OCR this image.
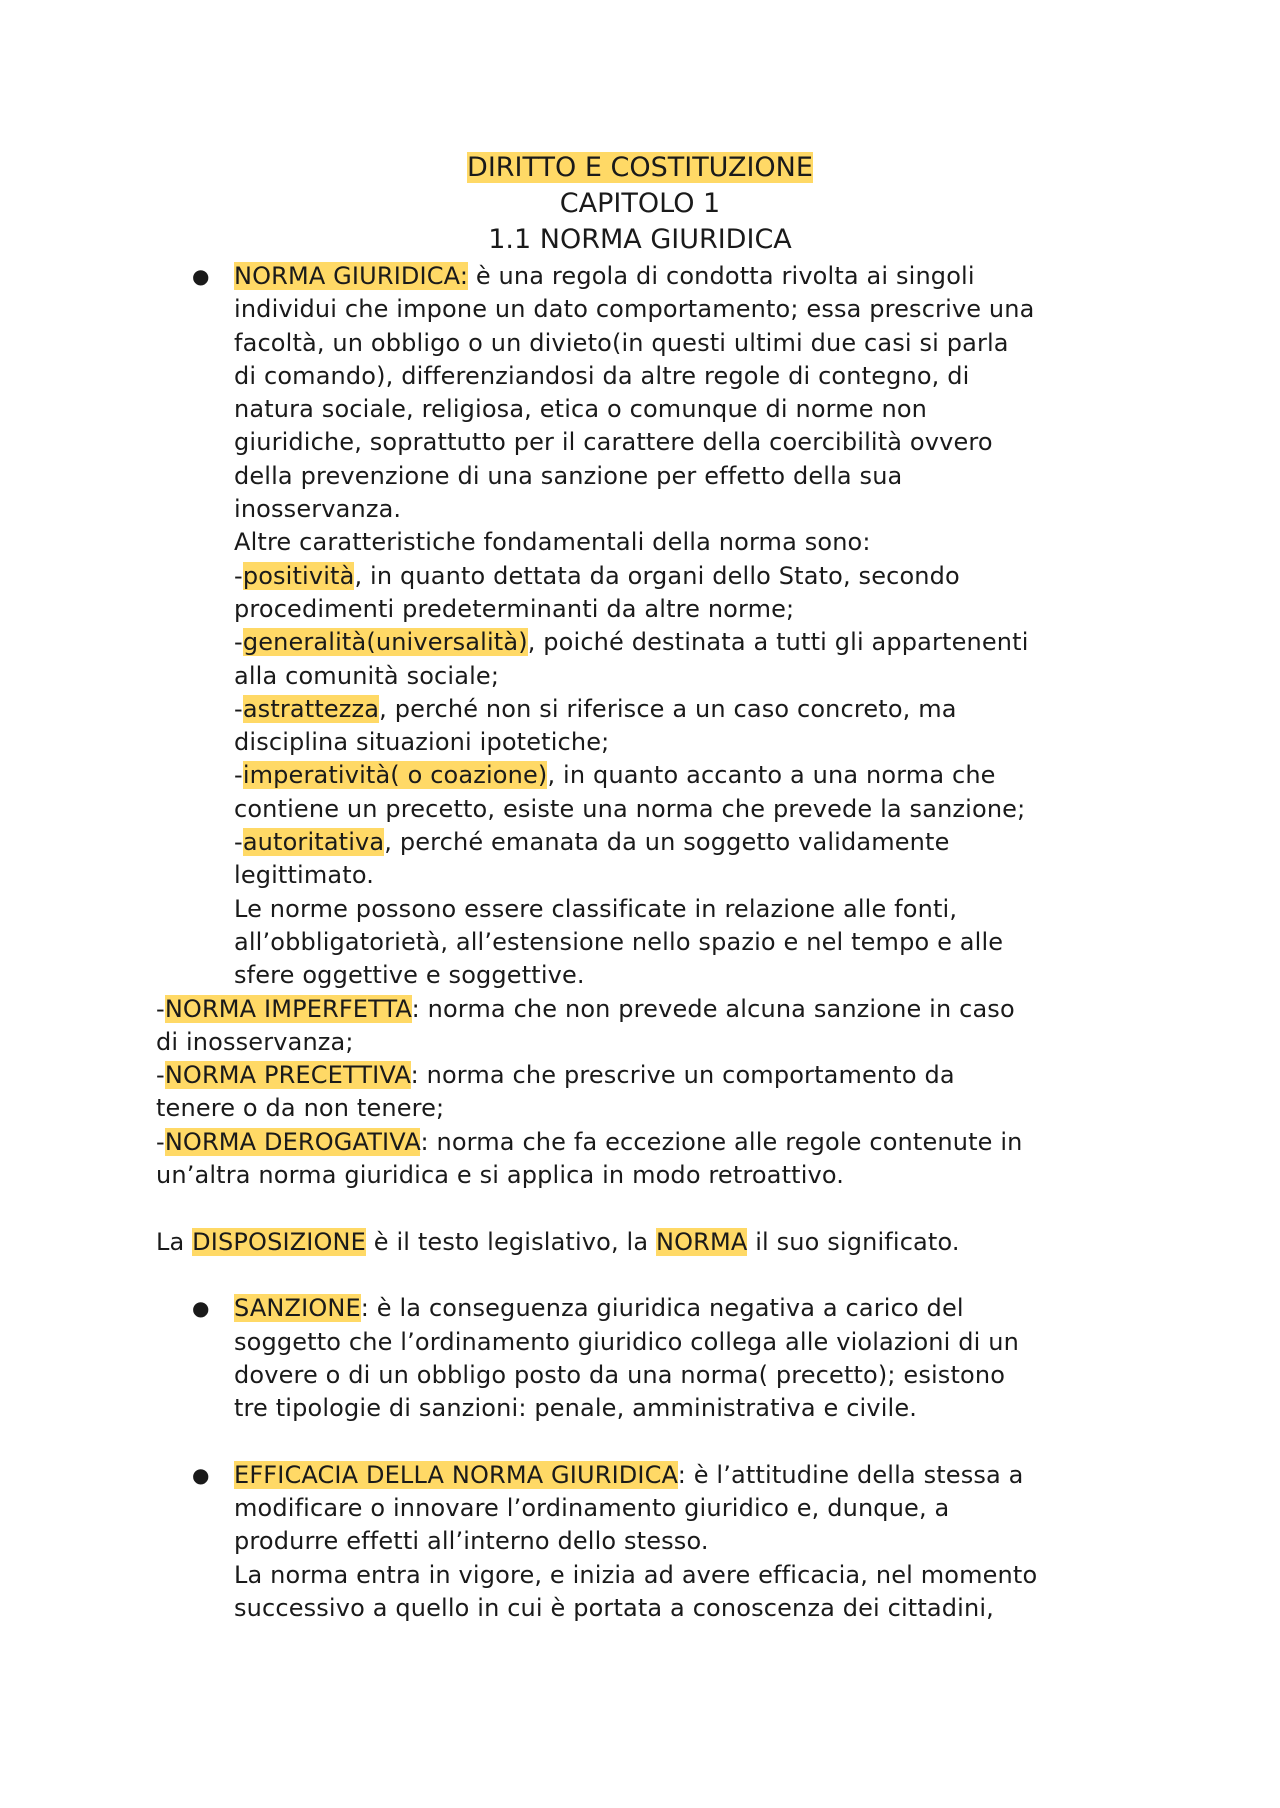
DIRITTO E COSTITUZIONE
CAPITOLO 1
1.1 NORMA GIURIDICA
● NORMA GIURIDICA: è una regola di condotta rivolta ai singoli
individui che impone un dato comportamento; essa prescrive una
facoltà, un obbligo o un divieto(in questi ultimi due casi si parla
di comando), differenziandosi da altre regole di contegno, di
natura sociale, religiosa, etica o comunque di norme non
giuridiche, soprattutto per il carattere della coercibilità ovvero
della prevenzione di una sanzione per effetto della sua
inosservanza.
Altre caratteristiche fondamentali della norma sono:
-positività, in quanto dettata da organi dello Stato, secondo
procedimenti predeterminanti da altre norme;
-generalità(universalità), poiché destinata a tutti gli appartenenti
alla comunità sociale;
-astrattezza, perché non si riferisce a un caso concreto, ma
disciplina situazioni ipotetiche;
-imperatività( o coazione), in quanto accanto a una norma che
contiene un precetto, esiste una norma che prevede la sanzione;
-autoritativa, perché emanata da un soggetto validamente
legittimato.
Le norme possono essere classificate in relazione alle fonti,
all’obbligatorietà, all’estensione nello spazio e nel tempo e alle
sfere oggettive e soggettive.
-NORMA IMPERFETTA: norma che non prevede alcuna sanzione in caso
di inosservanza;
-NORMA PRECETTIVA: norma che prescrive un comportamento da
tenere o da non tenere;
-NORMA DEROGATIVA: norma che fa eccezione alle regole contenute in
un’altra norma giuridica e si applica in modo retroattivo.
La DISPOSIZIONE è il testo legislativo, la NORMA il suo significato.
● SANZIONE: è la conseguenza giuridica negativa a carico del
soggetto che l’ordinamento giuridico collega alle violazioni di un
dovere o di un obbligo posto da una norma( precetto); esistono
tre tipologie di sanzioni: penale, amministrativa e civile.
● EFFICACIA DELLA NORMA GIURIDICA: è l’attitudine della stessa a
modificare o innovare l’ordinamento giuridico e, dunque, a
produrre effetti all’interno dello stesso.
La norma entra in vigore, e inizia ad avere efficacia, nel momento
successivo a quello in cui è portata a conoscenza dei cittadini,
